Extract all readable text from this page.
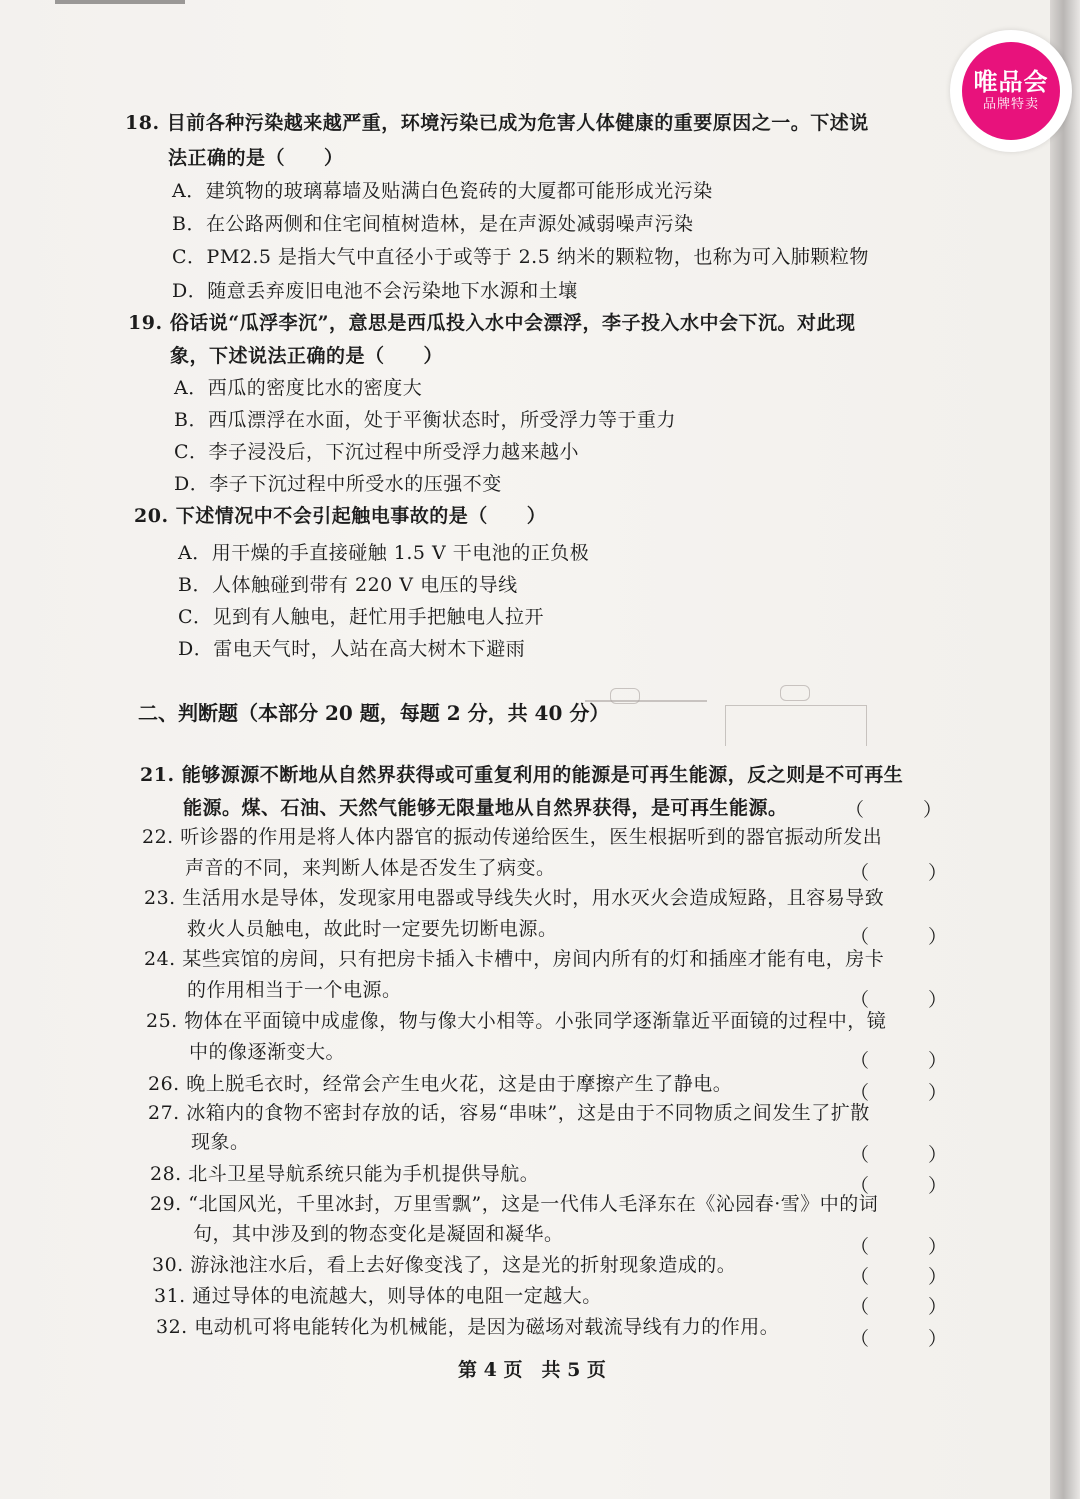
18. 目前各种污染越来越严重，环境污染已成为危害人体健康的重要原因之一。下述说
法正确的是（　　）
A．建筑物的玻璃幕墙及贴满白色瓷砖的大厦都可能形成光污染
B．在公路两侧和住宅间植树造林，是在声源处减弱噪声污染
C．PM2.5 是指大气中直径小于或等于 2.5 纳米的颗粒物，也称为可入肺颗粒物
D．随意丢弃废旧电池不会污染地下水源和土壤
19. 俗话说“瓜浮李沉”，意思是西瓜投入水中会漂浮，李子投入水中会下沉。对此现
象，下述说法正确的是（　　）
A．西瓜的密度比水的密度大
B．西瓜漂浮在水面，处于平衡状态时，所受浮力等于重力
C．李子浸没后，下沉过程中所受浮力越来越小
D．李子下沉过程中所受水的压强不变
20. 下述情况中不会引起触电事故的是（　　）
A．用干燥的手直接碰触 1.5 V 干电池的正负极
B．人体触碰到带有 220 V 电压的导线
C．见到有人触电，赶忙用手把触电人拉开
D．雷电天气时，人站在高大树木下避雨
二、判断题（本部分 20 题，每题 2 分，共 40 分）
21. 能够源源不断地从自然界获得或可重复利用的能源是可再生能源，反之则是不可再生
能源。煤、石油、天然气能够无限量地从自然界获得，是可再生能源。	（　）
22. 听诊器的作用是将人体内器官的振动传递给医生，医生根据听到的器官振动所发出
声音的不同，来判断人体是否发生了病变。	（　）
23. 生活用水是导体，发现家用电器或导线失火时，用水灭火会造成短路，且容易导致
救火人员触电，故此时一定要先切断电源。	（　）
24. 某些宾馆的房间，只有把房卡插入卡槽中，房间内所有的灯和插座才能有电，房卡
的作用相当于一个电源。	（　）
25. 物体在平面镜中成虚像，物与像大小相等。小张同学逐渐靠近平面镜的过程中，镜
中的像逐渐变大。	（　）
26. 晚上脱毛衣时，经常会产生电火花，这是由于摩擦产生了静电。	（　）
27. 冰箱内的食物不密封存放的话，容易“串味”，这是由于不同物质之间发生了扩散
现象。
（　）
28. 北斗卫星导航系统只能为手机提供导航。
（　）
29. “北国风光，千里冰封，万里雪飘”，这是一代伟人毛泽东在《沁园春·雪》中的词
句，其中涉及到的物态变化是凝固和凝华。
（　）
30. 游泳池注水后，看上去好像变浅了，这是光的折射现象造成的。
（　）
31. 通过导体的电流越大，则导体的电阻一定越大。	（　）
32. 电动机可将电能转化为机械能，是因为磁场对载流导线有力的作用。
（　）
第 4 页　共 5 页
唯品会
品牌特卖
